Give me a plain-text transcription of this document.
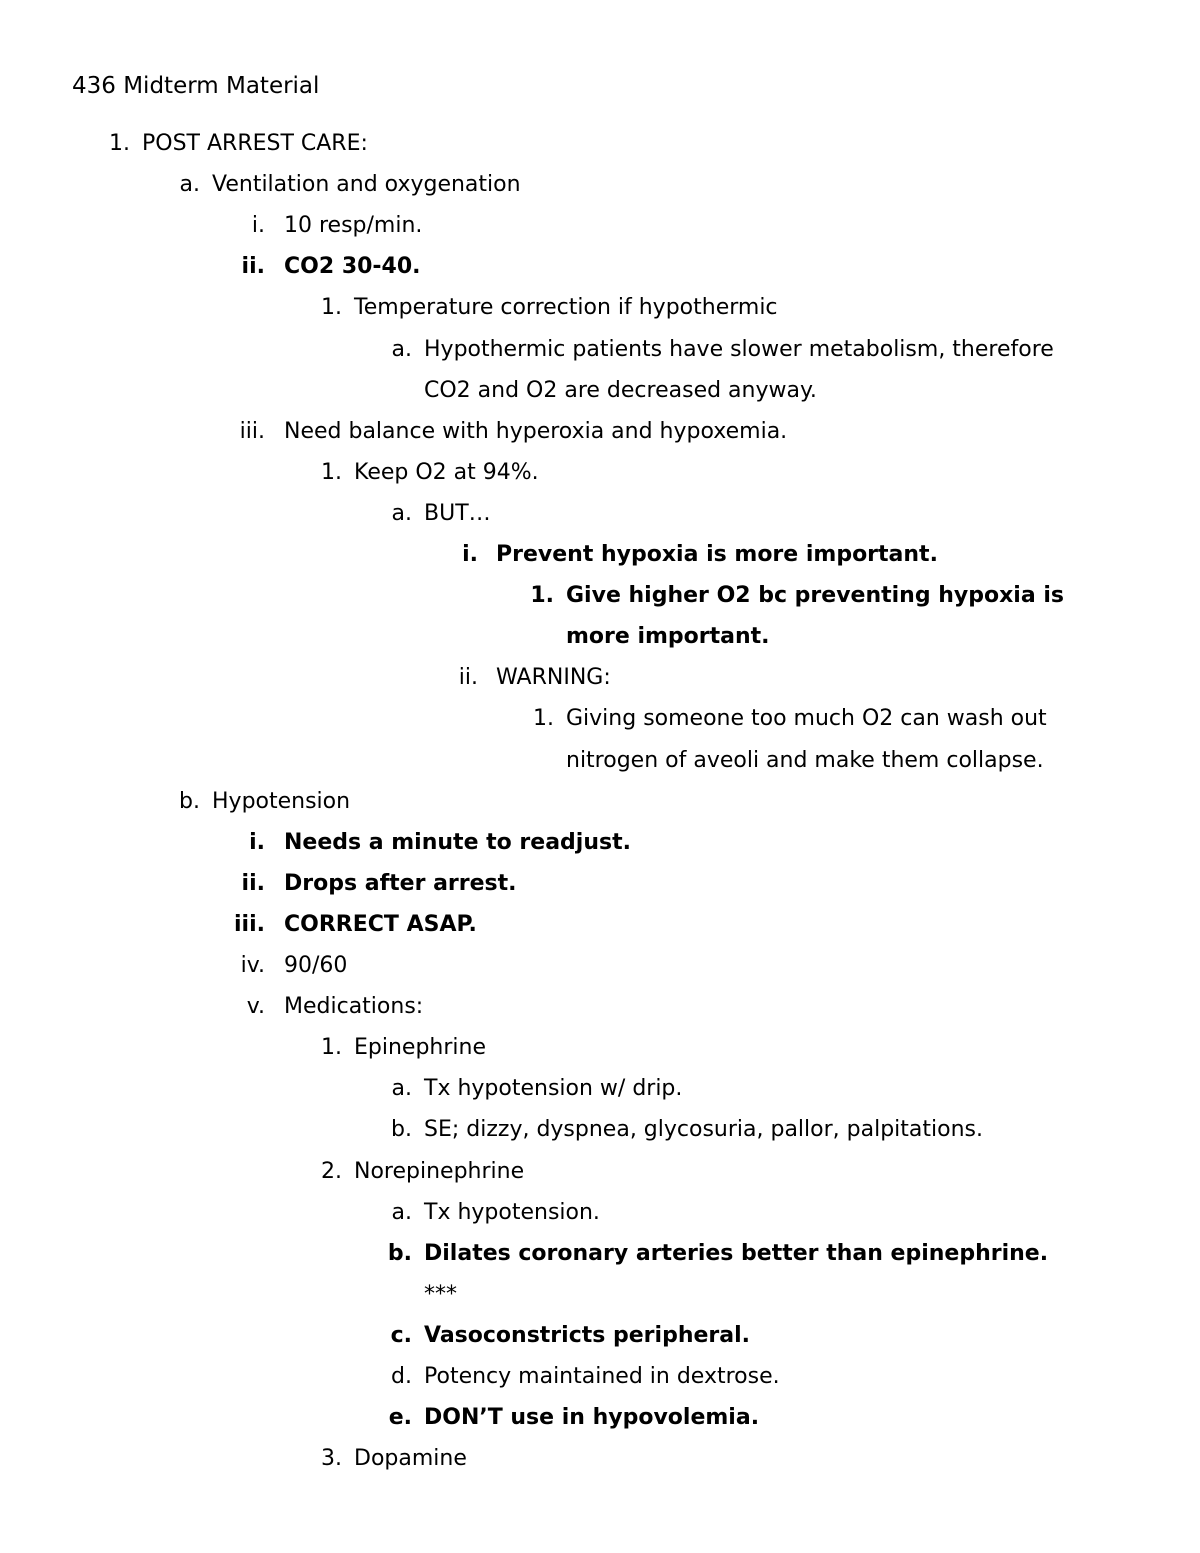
436 Midterm Material
1. POST ARREST CARE:
a. Ventilation and oxygenation
i. 10 resp/min.
ii. CO2 30-40.
1. Temperature correction if hypothermic
a. Hypothermic patients have slower metabolism, therefore
CO2 and O2 are decreased anyway.
iii. Need balance with hyperoxia and hypoxemia.
1. Keep O2 at 94%.
a. BUT…
i. Prevent hypoxia is more important.
1. Give higher O2 bc preventing hypoxia is
more important.
ii. WARNING:
1. Giving someone too much O2 can wash out
nitrogen of aveoli and make them collapse.
b. Hypotension
i. Needs a minute to readjust.
ii. Drops after arrest.
iii. CORRECT ASAP.
iv. 90/60
v. Medications:
1. Epinephrine
a. Tx hypotension w/ drip.
b. SE; dizzy, dyspnea, glycosuria, pallor, palpitations.
2. Norepinephrine
a. Tx hypotension.
b. Dilates coronary arteries better than epinephrine.
***
c. Vasoconstricts peripheral.
d. Potency maintained in dextrose.
e. DON’T use in hypovolemia.
3. Dopamine
